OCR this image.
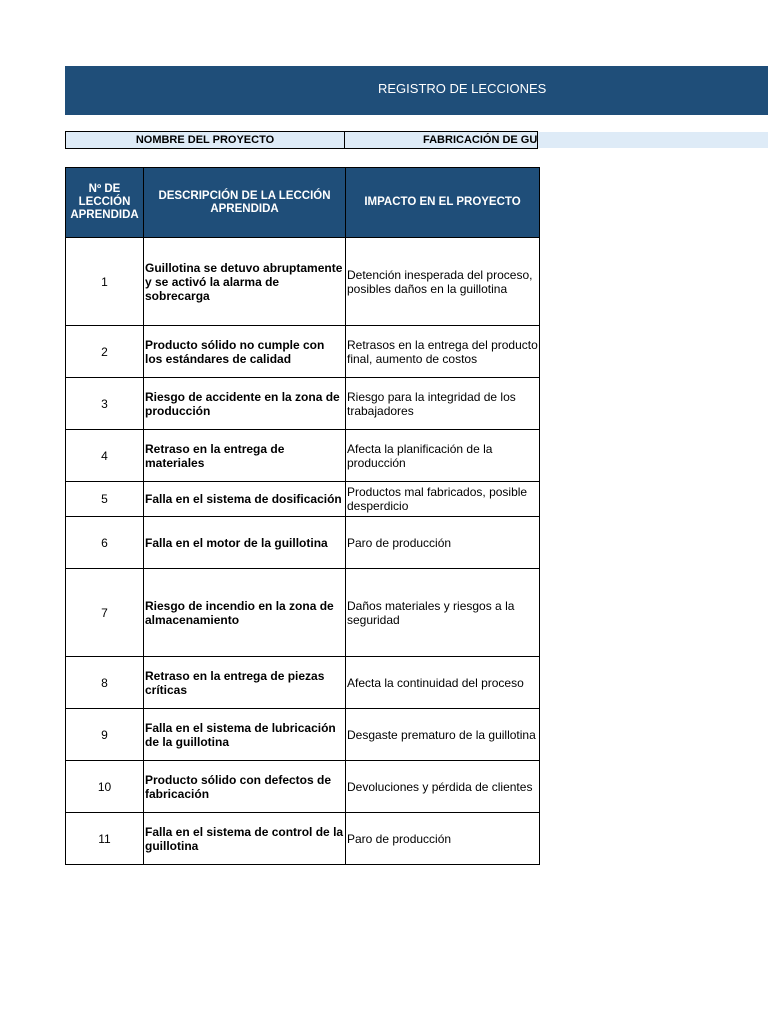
REGISTRO DE LECCIONES
NOMBRE DEL PROYECTO	FABRICACIÓN DE GU
Nº DE LECCIÓN APRENDIDA	DESCRIPCIÓN DE LA LECCIÓN APRENDIDA	IMPACTO EN EL PROYECTO
1	Guillotina se detuvo abruptamente y se activó la alarma de sobrecarga	Detención inesperada del proceso, posibles daños en la guillotina
2	Producto sólido no cumple con los estándares de calidad	Retrasos en la entrega del producto final, aumento de costos
3	Riesgo de accidente en la zona de producción	Riesgo para la integridad de los trabajadores
4	Retraso en la entrega de materiales	Afecta la planificación de la producción
5	Falla en el sistema de dosificación	Productos mal fabricados, posible desperdicio
6	Falla en el motor de la guillotina	Paro de producción
7	Riesgo de incendio en la zona de almacenamiento	Daños materiales y riesgos a la seguridad
8	Retraso en la entrega de piezas críticas	Afecta la continuidad del proceso
9	Falla en el sistema de lubricación de la guillotina	Desgaste prematuro de la guillotina
10	Producto sólido con defectos de fabricación	Devoluciones y pérdida de clientes
11	Falla en el sistema de control de la guillotina	Paro de producción
